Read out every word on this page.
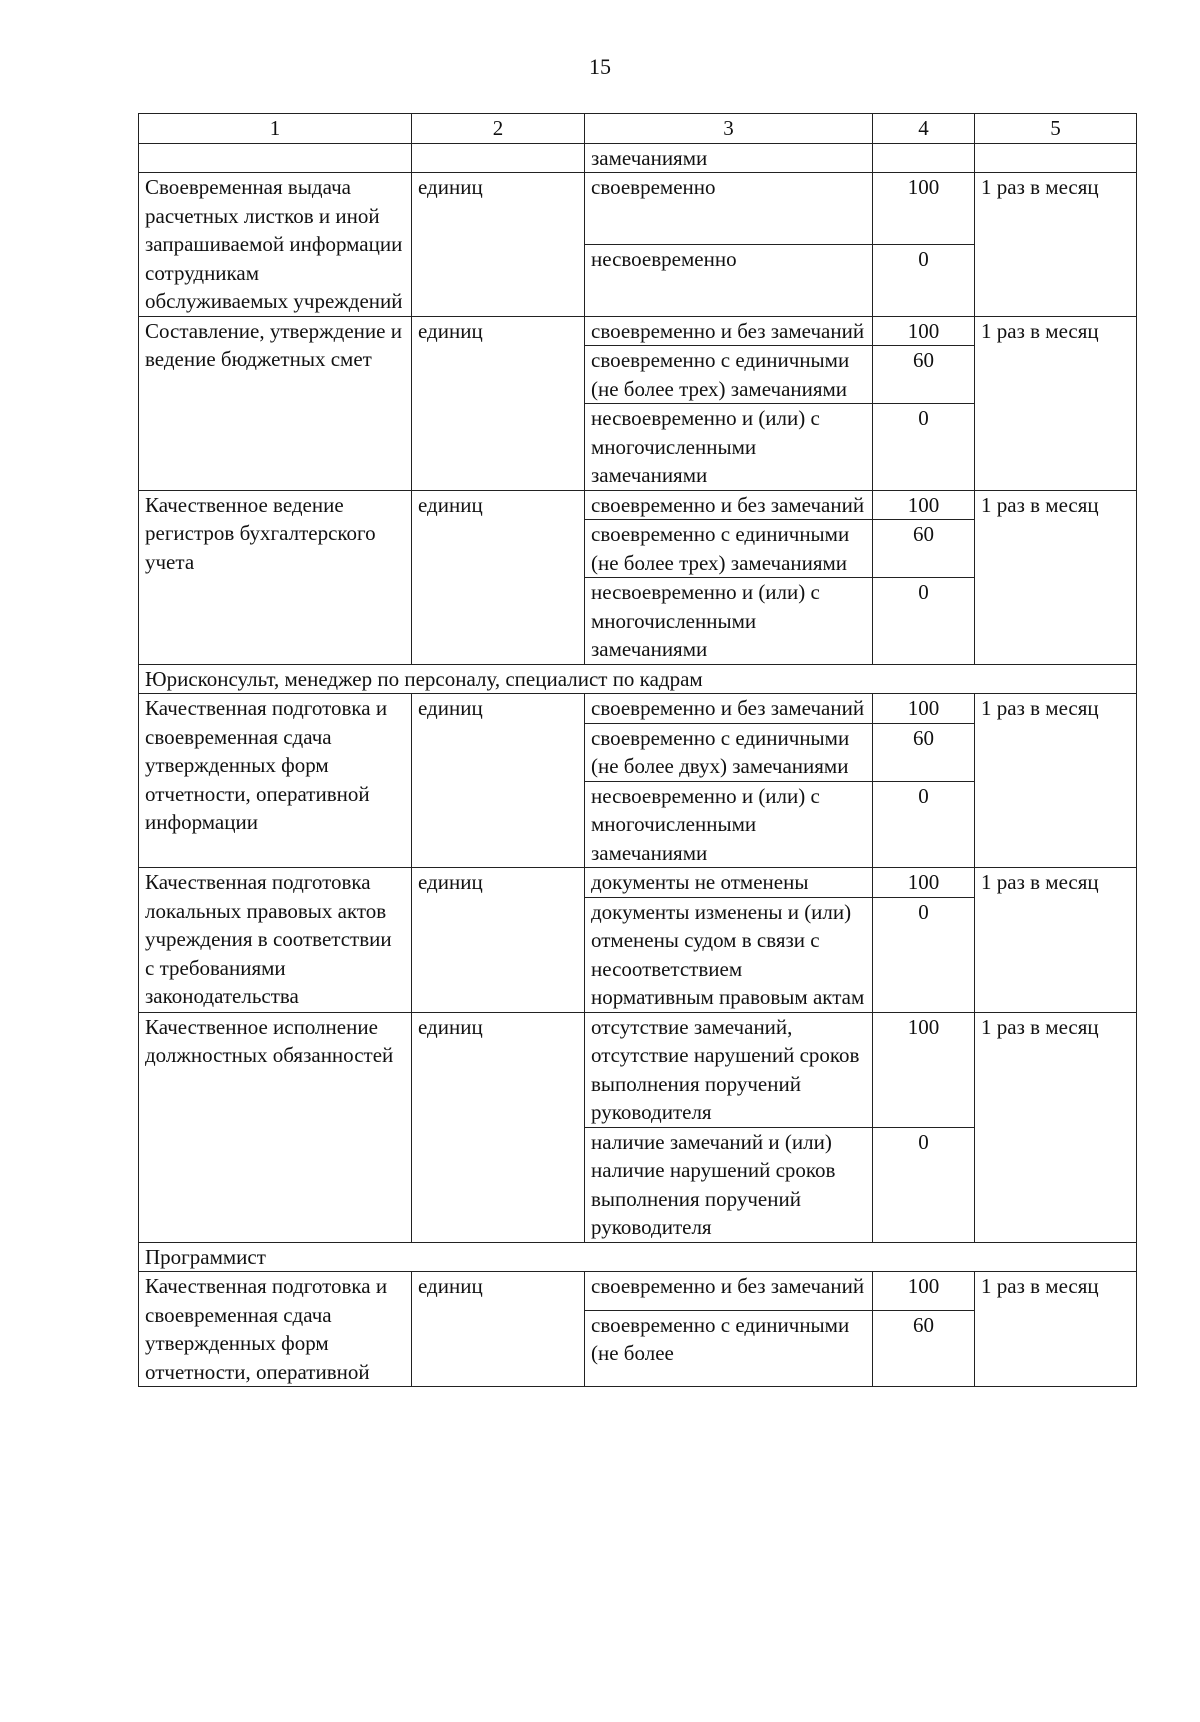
15
1	2	3	4	5
		замечаниями		
Своевременная выдача расчетных листков и иной запрашиваемой информации сотрудникам обслуживаемых учреждений	единиц	своевременно	100	1 раз в месяц
		несвоевременно	0	
Составление, утверждение и ведение бюджетных смет	единиц	своевременно и без замечаний	100	1 раз в месяц
		своевременно с единичными (не более трех) замечаниями	60	
		несвоевременно и (или) с многочисленными замечаниями	0	
Качественное ведение регистров бухгалтерского учета	единиц	своевременно и без замечаний	100	1 раз в месяц
		своевременно с единичными (не более трех) замечаниями	60	
		несвоевременно и (или) с многочисленными замечаниями	0	
Юрисконсульт, менеджер по персоналу, специалист по кадрам				
Качественная подготовка и своевременная сдача утвержденных форм отчетности, оперативной информации	единиц	своевременно и без замечаний	100	1 раз в месяц
		своевременно с единичными (не более двух) замечаниями	60	
		несвоевременно и (или) с многочисленными замечаниями	0	
Качественная подготовка локальных правовых актов учреждения в соответствии с требованиями законодательства	единиц	документы не отменены	100	1 раз в месяц
		документы изменены и (или) отменены судом в связи с несоответствием нормативным правовым актам	0	
Качественное исполнение должностных обязанностей	единиц	отсутствие замечаний, отсутствие нарушений сроков выполнения поручений руководителя	100	1 раз в месяц
		наличие замечаний и (или) наличие нарушений сроков выполнения поручений руководителя	0	
Программист				
Качественная подготовка и своевременная сдача утвержденных форм отчетности, оперативной	единиц	своевременно и без замечаний	100	1 раз в месяц
		своевременно с единичными (не более	60	
